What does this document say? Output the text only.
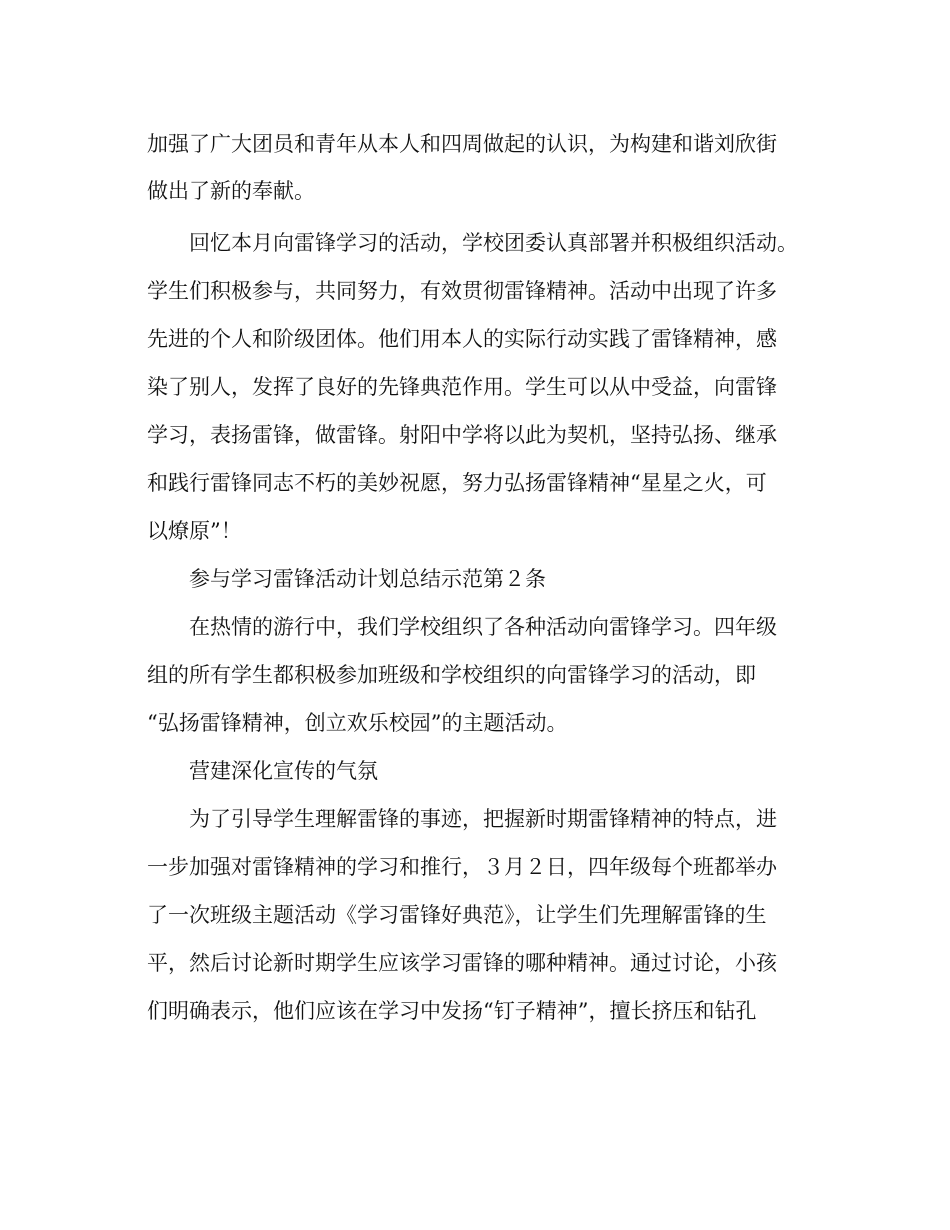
加强了广大团员和青年从本人和四周做起的认识，为构建和谐刘欣街
做出了新的奉献。
回忆本月向雷锋学习的活动，学校团委认真部署并积极组织活动。
学生们积极参与，共同努力，有效贯彻雷锋精神。活动中出现了许多
先进的个人和阶级团体。他们用本人的实际行动实践了雷锋精神，感
染了别人，发挥了良好的先锋典范作用。学生可以从中受益，向雷锋
学习，表扬雷锋，做雷锋。射阳中学将以此为契机，坚持弘扬、继承
和践行雷锋同志不朽的美妙祝愿，努力弘扬雷锋精神“星星之火，可
以燎原”！
参与学习雷锋活动计划总结示范第２条
在热情的游行中，我们学校组织了各种活动向雷锋学习。四年级
组的所有学生都积极参加班级和学校组织的向雷锋学习的活动，即
“弘扬雷锋精神，创立欢乐校园”的主题活动。
营建深化宣传的气氛
为了引导学生理解雷锋的事迹，把握新时期雷锋精神的特点，进
一步加强对雷锋精神的学习和推行，３月２日，四年级每个班都举办
了一次班级主题活动《学习雷锋好典范》，让学生们先理解雷锋的生
平，然后讨论新时期学生应该学习雷锋的哪种精神。通过讨论，小孩
们明确表示，他们应该在学习中发扬“钉子精神”，擅长挤压和钻孔
